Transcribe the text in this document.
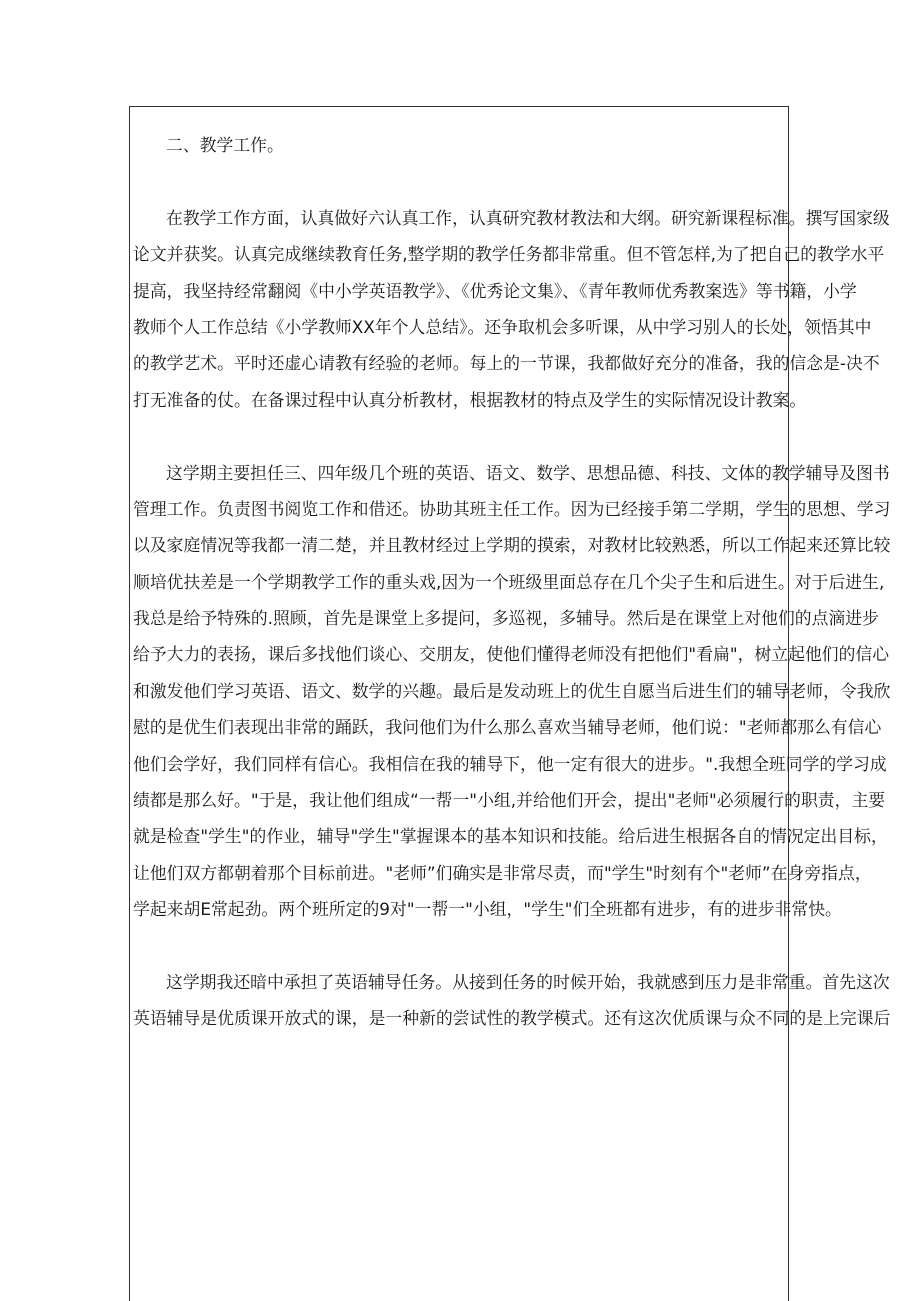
二、教学工作。

在教学工作方面，认真做好六认真工作，认真研究教材教法和大纲。研究新课程标准。撰写国家级
论文并获奖。认真完成继续教育任务,整学期的教学任务都非常重。但不管怎样,为了把自己的教学水平
提高，我坚持经常翻阅《中小学英语教学》、《优秀论文集》、《青年教师优秀教案选》等书籍，小学
教师个人工作总结《小学教师XX年个人总结》。还争取机会多听课，从中学习别人的长处，领悟其中
的教学艺术。平时还虚心请教有经验的老师。每上的一节课，我都做好充分的准备，我的信念是-决不
打无准备的仗。在备课过程中认真分析教材，根据教材的特点及学生的实际情况设计教案。

这学期主要担任三、四年级几个班的英语、语文、数学、思想品德、科技、文体的教学辅导及图书
管理工作。负责图书阅览工作和借还。协助其班主任工作。因为已经接手第二学期，学生的思想、学习
以及家庭情况等我都一清二楚，并且教材经过上学期的摸索，对教材比较熟悉，所以工作起来还算比较
顺培优扶差是一个学期教学工作的重头戏,因为一个班级里面总存在几个尖子生和后进生。对于后进生,
我总是给予特殊的.照顾，首先是课堂上多提问，多巡视，多辅导。然后是在课堂上对他们的点滴进步
给予大力的表扬，课后多找他们谈心、交朋友，使他们懂得老师没有把他们"看扁"，树立起他们的信心
和激发他们学习英语、语文、数学的兴趣。最后是发动班上的优生自愿当后进生们的辅导老师，令我欣
慰的是优生们表现出非常的踊跃，我问他们为什么那么喜欢当辅导老师，他们说："老师都那么有信心
他们会学好，我们同样有信心。我相信在我的辅导下，他一定有很大的进步。".我想全班同学的学习成
绩都是那么好。"于是，我让他们组成“一帮一"小组,并给他们开会，提出"老师"必须履行的职责，主要
就是检查"学生"的作业，辅导"学生"掌握课本的基本知识和技能。给后进生根据各自的情况定出目标，
让他们双方都朝着那个目标前进。"老师”们确实是非常尽责，而"学生"时刻有个"老师”在身旁指点，
学起来胡E常起劲。两个班所定的9对"一帮一"小组，"学生"们全班都有进步，有的进步非常快。

这学期我还暗中承担了英语辅导任务。从接到任务的时候开始，我就感到压力是非常重。首先这次
英语辅导是优质课开放式的课，是一种新的尝试性的教学模式。还有这次优质课与众不同的是上完课后
